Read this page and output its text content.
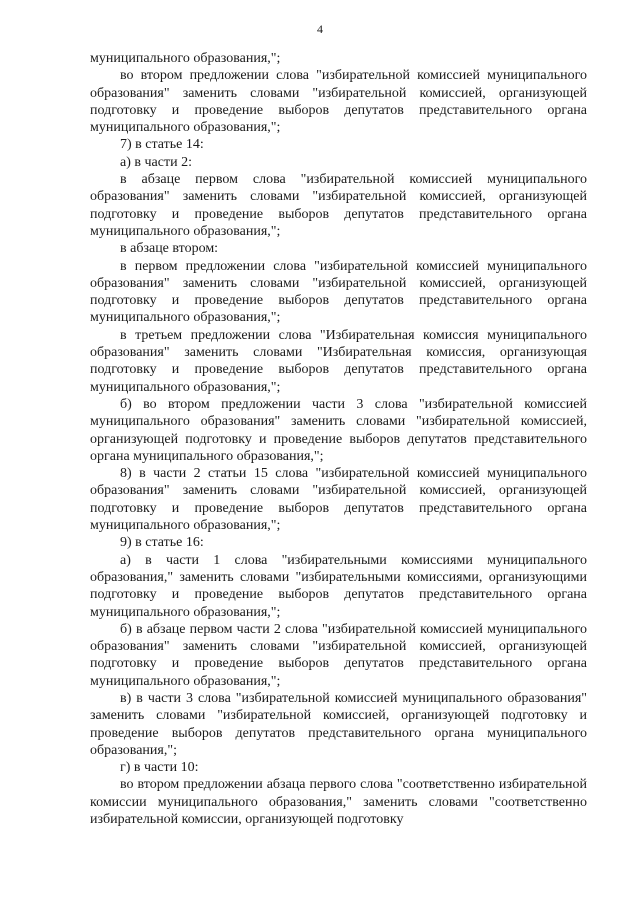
4

муниципального образования,";

во втором предложении слова "избирательной комиссией муниципального образования" заменить словами "избирательной комиссией, организующей подготовку и проведение выборов депутатов представительного органа муниципального образования,";

7) в статье 14:

а) в части 2:

в абзаце первом слова "избирательной комиссией муниципального образования" заменить словами "избирательной комиссией, организующей подготовку и проведение выборов депутатов представительного органа муниципального образования,";

в абзаце втором:

в первом предложении слова "избирательной комиссией муниципального образования" заменить словами "избирательной комиссией, организующей подготовку и проведение выборов депутатов представительного органа муниципального образования,";

в третьем предложении слова "Избирательная комиссия муниципального образования" заменить словами "Избирательная комиссия, организующая подготовку и проведение выборов депутатов представительного органа муниципального образования,";

б) во втором предложении части 3 слова "избирательной комиссией муниципального образования" заменить словами "избирательной комиссией, организующей подготовку и проведение выборов депутатов представительного органа муниципального образования,";

8) в части 2 статьи 15 слова "избирательной комиссией муниципального образования" заменить словами "избирательной комиссией, организующей подготовку и проведение выборов депутатов представительного органа муниципального образования,";

9) в статье 16:

а) в части 1 слова "избирательными комиссиями муниципального образования," заменить словами "избирательными комиссиями, организующими подготовку и проведение выборов депутатов представительного органа муниципального образования,";

б) в абзаце первом части 2 слова "избирательной комиссией муниципального образования" заменить словами "избирательной комиссией, организующей подготовку и проведение выборов депутатов представительного органа муниципального образования,";

в) в части 3 слова "избирательной комиссией муниципального образования" заменить словами "избирательной комиссией, организующей подготовку и проведение выборов депутатов представительного органа муниципального образования,";

г) в части 10:

во втором предложении абзаца первого слова "соответственно избирательной комиссии муниципального образования," заменить словами "соответственно избирательной комиссии, организующей подготовку
